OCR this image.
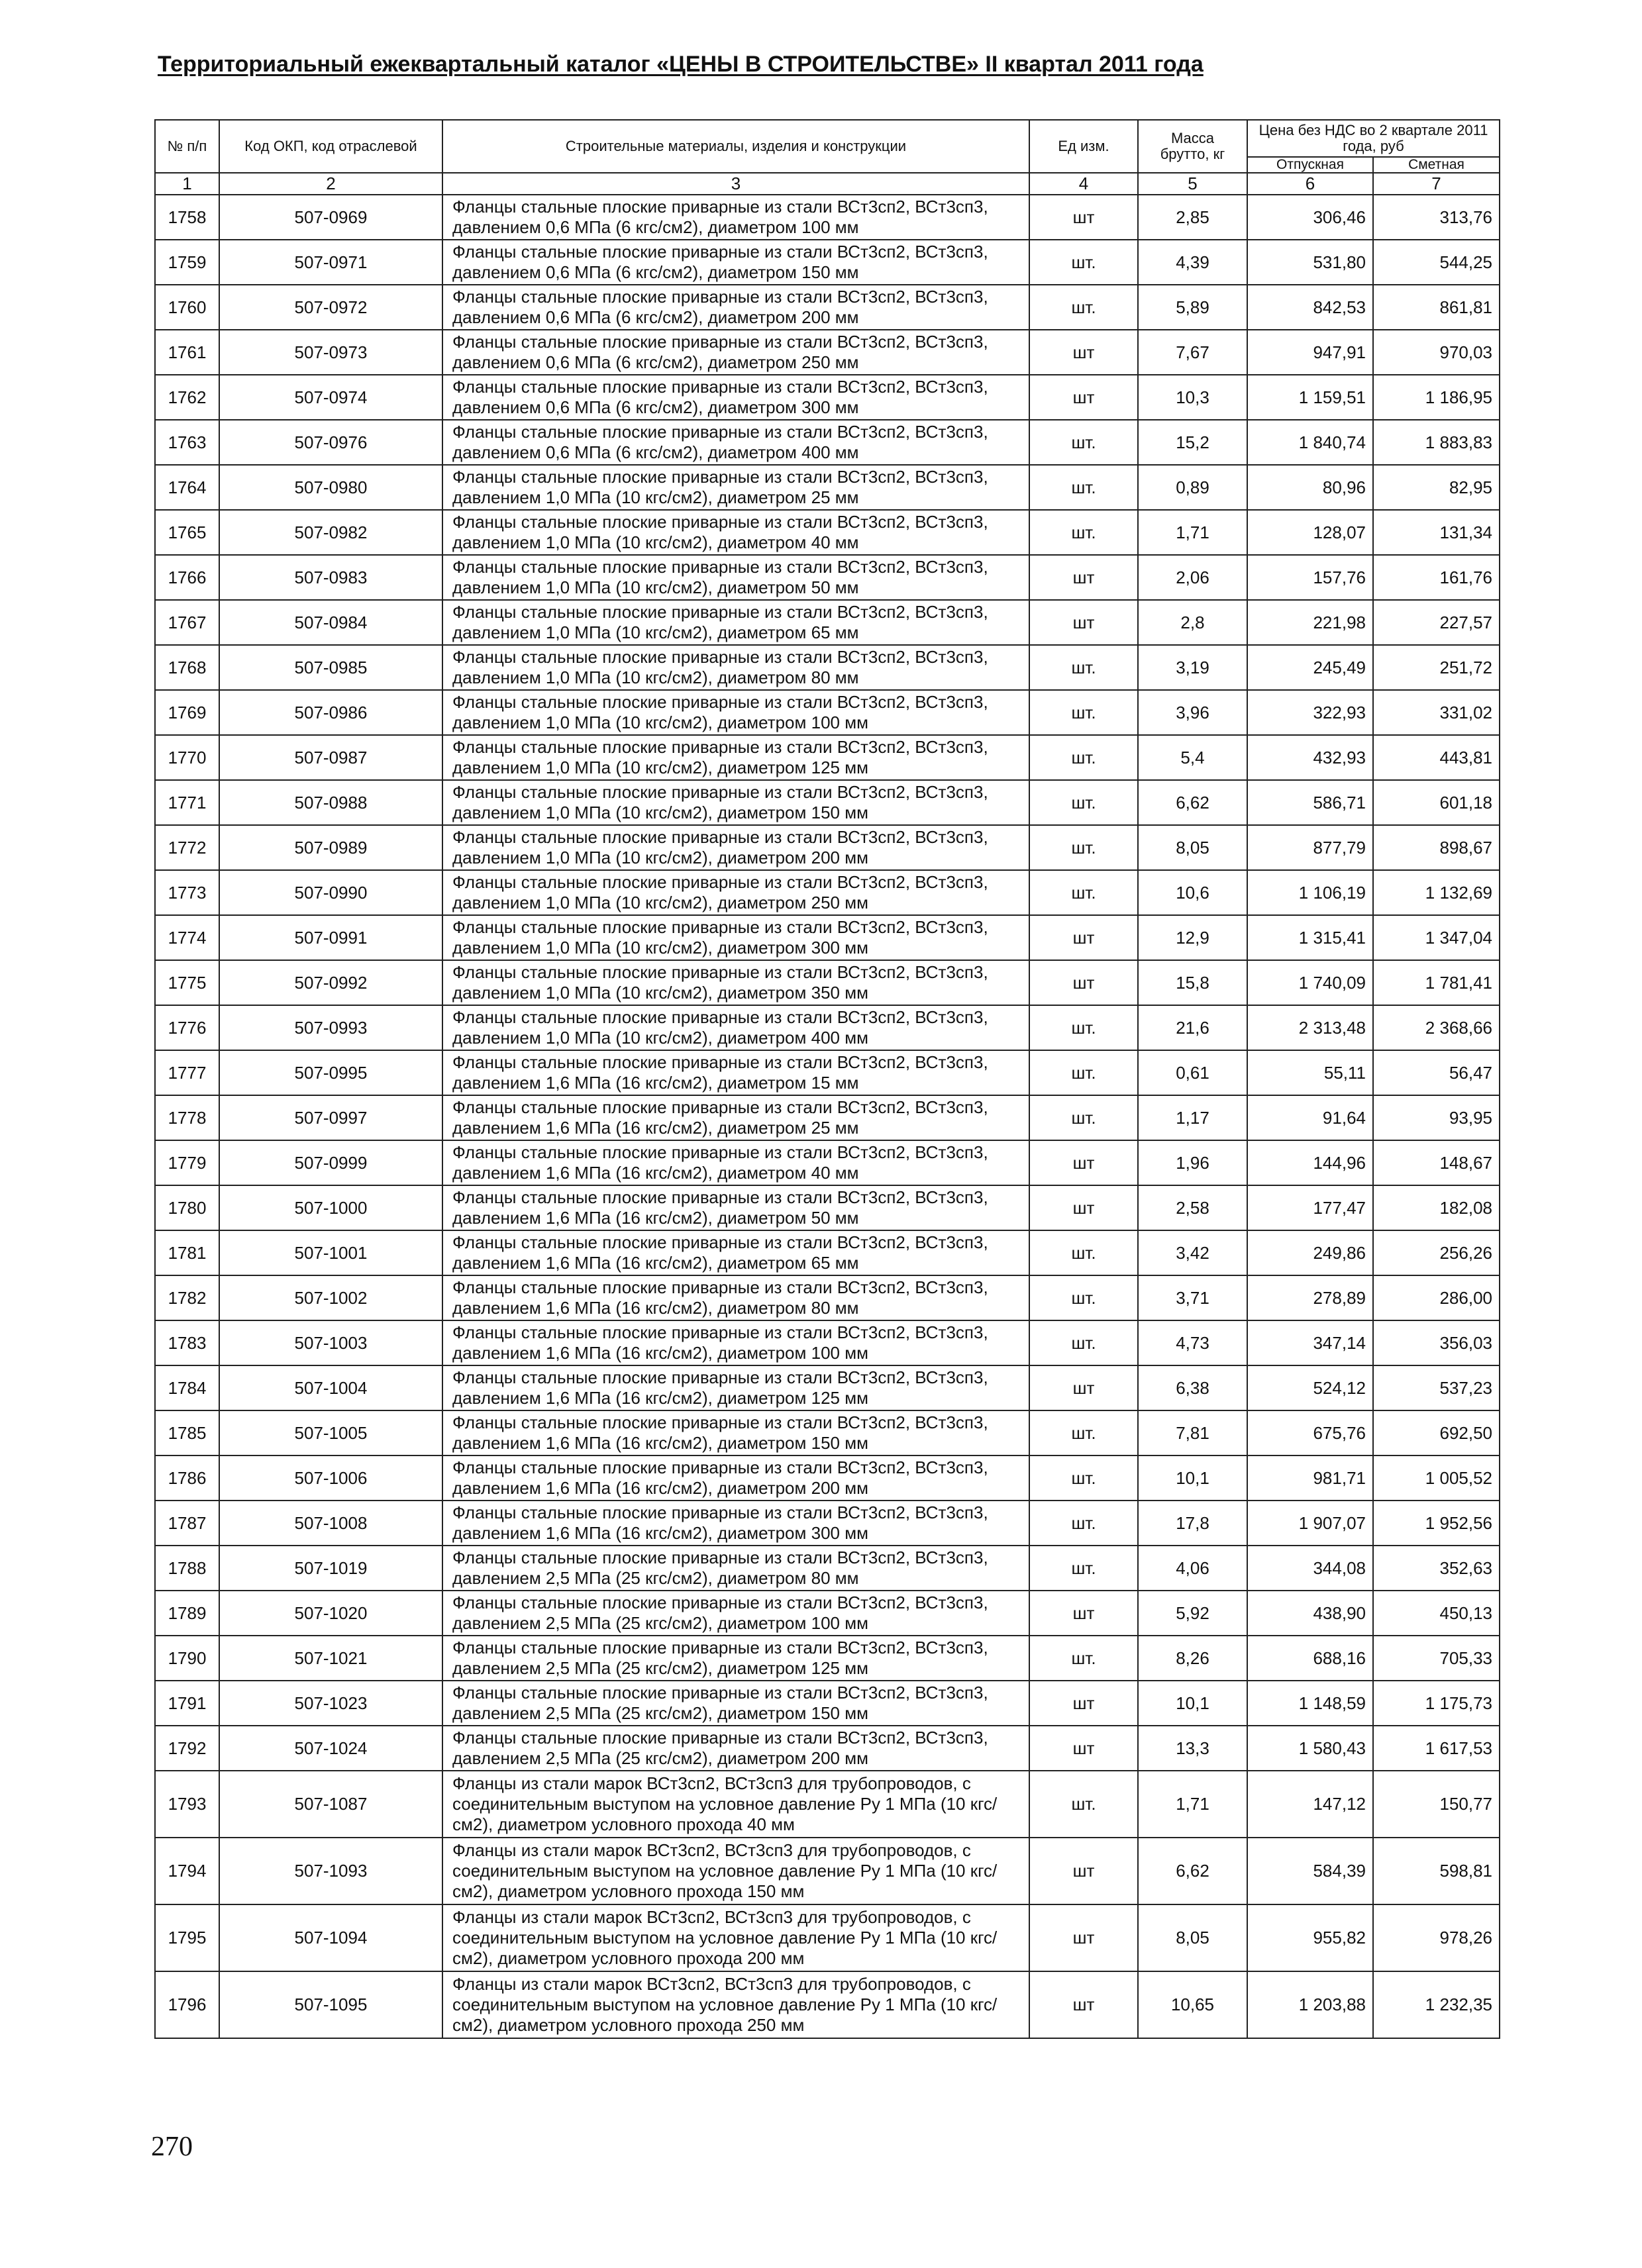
Территориальный ежеквартальный каталог «ЦЕНЫ В СТРОИТЕЛЬСТВЕ» II квартал 2011 года
№ п/п	Код ОКП, код отраслевой	Строительные материалы, изделия и конструкции	Ед изм.	Масса брутто, кг	Цена без НДС во 2 квартале 2011 года, руб	
					Отпускная	Сметная
1	2	3	4	5	6	7
1758	507-0969	Фланцы стальные плоские приварные из стали ВСт3сп2, ВСт3сп3, давлением 0,6 МПа (6 кгс/см2), диаметром 100 мм	шт	2,85	306,46	313,76
1759	507-0971	Фланцы стальные плоские приварные из стали ВСт3сп2, ВСт3сп3, давлением 0,6 МПа (6 кгс/см2), диаметром 150 мм	шт.	4,39	531,80	544,25
1760	507-0972	Фланцы стальные плоские приварные из стали ВСт3сп2, ВСт3сп3, давлением 0,6 МПа (6 кгс/см2), диаметром 200 мм	шт.	5,89	842,53	861,81
1761	507-0973	Фланцы стальные плоские приварные из стали ВСт3сп2, ВСт3сп3, давлением 0,6 МПа (6 кгс/см2), диаметром 250 мм	шт	7,67	947,91	970,03
1762	507-0974	Фланцы стальные плоские приварные из стали ВСт3сп2, ВСт3сп3, давлением 0,6 МПа (6 кгс/см2), диаметром 300 мм	шт	10,3	1 159,51	1 186,95
1763	507-0976	Фланцы стальные плоские приварные из стали ВСт3сп2, ВСт3сп3, давлением 0,6 МПа (6 кгс/см2), диаметром 400 мм	шт.	15,2	1 840,74	1 883,83
1764	507-0980	Фланцы стальные плоские приварные из стали ВСт3сп2, ВСт3сп3, давлением 1,0 МПа (10 кгс/см2), диаметром 25 мм	шт.	0,89	80,96	82,95
1765	507-0982	Фланцы стальные плоские приварные из стали ВСт3сп2, ВСт3сп3, давлением 1,0 МПа (10 кгс/см2), диаметром 40 мм	шт.	1,71	128,07	131,34
1766	507-0983	Фланцы стальные плоские приварные из стали ВСт3сп2, ВСт3сп3, давлением 1,0 МПа (10 кгс/см2), диаметром 50 мм	шт	2,06	157,76	161,76
1767	507-0984	Фланцы стальные плоские приварные из стали ВСт3сп2, ВСт3сп3, давлением 1,0 МПа (10 кгс/см2), диаметром 65 мм	шт	2,8	221,98	227,57
1768	507-0985	Фланцы стальные плоские приварные из стали ВСт3сп2, ВСт3сп3, давлением 1,0 МПа (10 кгс/см2), диаметром 80 мм	шт.	3,19	245,49	251,72
1769	507-0986	Фланцы стальные плоские приварные из стали ВСт3сп2, ВСт3сп3, давлением 1,0 МПа (10 кгс/см2), диаметром 100 мм	шт.	3,96	322,93	331,02
1770	507-0987	Фланцы стальные плоские приварные из стали ВСт3сп2, ВСт3сп3, давлением 1,0 МПа (10 кгс/см2), диаметром 125 мм	шт.	5,4	432,93	443,81
1771	507-0988	Фланцы стальные плоские приварные из стали ВСт3сп2, ВСт3сп3, давлением 1,0 МПа (10 кгс/см2), диаметром 150 мм	шт.	6,62	586,71	601,18
1772	507-0989	Фланцы стальные плоские приварные из стали ВСт3сп2, ВСт3сп3, давлением 1,0 МПа (10 кгс/см2), диаметром 200 мм	шт.	8,05	877,79	898,67
1773	507-0990	Фланцы стальные плоские приварные из стали ВСт3сп2, ВСт3сп3, давлением 1,0 МПа (10 кгс/см2), диаметром 250 мм	шт.	10,6	1 106,19	1 132,69
1774	507-0991	Фланцы стальные плоские приварные из стали ВСт3сп2, ВСт3сп3, давлением 1,0 МПа (10 кгс/см2), диаметром 300 мм	шт	12,9	1 315,41	1 347,04
1775	507-0992	Фланцы стальные плоские приварные из стали ВСт3сп2, ВСт3сп3, давлением 1,0 МПа (10 кгс/см2), диаметром 350 мм	шт	15,8	1 740,09	1 781,41
1776	507-0993	Фланцы стальные плоские приварные из стали ВСт3сп2, ВСт3сп3, давлением 1,0 МПа (10 кгс/см2), диаметром 400 мм	шт.	21,6	2 313,48	2 368,66
1777	507-0995	Фланцы стальные плоские приварные из стали ВСт3сп2, ВСт3сп3, давлением 1,6 МПа (16 кгс/см2), диаметром 15 мм	шт.	0,61	55,11	56,47
1778	507-0997	Фланцы стальные плоские приварные из стали ВСт3сп2, ВСт3сп3, давлением 1,6 МПа (16 кгс/см2), диаметром 25 мм	шт.	1,17	91,64	93,95
1779	507-0999	Фланцы стальные плоские приварные из стали ВСт3сп2, ВСт3сп3, давлением 1,6 МПа (16 кгс/см2), диаметром 40 мм	шт	1,96	144,96	148,67
1780	507-1000	Фланцы стальные плоские приварные из стали ВСт3сп2, ВСт3сп3, давлением 1,6 МПа (16 кгс/см2), диаметром 50 мм	шт	2,58	177,47	182,08
1781	507-1001	Фланцы стальные плоские приварные из стали ВСт3сп2, ВСт3сп3, давлением 1,6 МПа (16 кгс/см2), диаметром 65 мм	шт.	3,42	249,86	256,26
1782	507-1002	Фланцы стальные плоские приварные из стали ВСт3сп2, ВСт3сп3, давлением 1,6 МПа (16 кгс/см2), диаметром 80 мм	шт.	3,71	278,89	286,00
1783	507-1003	Фланцы стальные плоские приварные из стали ВСт3сп2, ВСт3сп3, давлением 1,6 МПа (16 кгс/см2), диаметром 100 мм	шт.	4,73	347,14	356,03
1784	507-1004	Фланцы стальные плоские приварные из стали ВСт3сп2, ВСт3сп3, давлением 1,6 МПа (16 кгс/см2), диаметром 125 мм	шт	6,38	524,12	537,23
1785	507-1005	Фланцы стальные плоские приварные из стали ВСт3сп2, ВСт3сп3, давлением 1,6 МПа (16 кгс/см2), диаметром 150 мм	шт.	7,81	675,76	692,50
1786	507-1006	Фланцы стальные плоские приварные из стали ВСт3сп2, ВСт3сп3, давлением 1,6 МПа (16 кгс/см2), диаметром 200 мм	шт.	10,1	981,71	1 005,52
1787	507-1008	Фланцы стальные плоские приварные из стали ВСт3сп2, ВСт3сп3, давлением 1,6 МПа (16 кгс/см2), диаметром 300 мм	шт.	17,8	1 907,07	1 952,56
1788	507-1019	Фланцы стальные плоские приварные из стали ВСт3сп2, ВСт3сп3, давлением 2,5 МПа (25 кгс/см2), диаметром 80 мм	шт.	4,06	344,08	352,63
1789	507-1020	Фланцы стальные плоские приварные из стали ВСт3сп2, ВСт3сп3, давлением 2,5 МПа (25 кгс/см2), диаметром 100 мм	шт	5,92	438,90	450,13
1790	507-1021	Фланцы стальные плоские приварные из стали ВСт3сп2, ВСт3сп3, давлением 2,5 МПа (25 кгс/см2), диаметром 125 мм	шт.	8,26	688,16	705,33
1791	507-1023	Фланцы стальные плоские приварные из стали ВСт3сп2, ВСт3сп3, давлением 2,5 МПа (25 кгс/см2), диаметром 150 мм	шт	10,1	1 148,59	1 175,73
1792	507-1024	Фланцы стальные плоские приварные из стали ВСт3сп2, ВСт3сп3, давлением 2,5 МПа (25 кгс/см2), диаметром 200 мм	шт	13,3	1 580,43	1 617,53
1793	507-1087	Фланцы из стали марок ВСт3сп2, ВСт3сп3 для трубопроводов, с соединительным выступом на условное давление Ру 1 МПа (10 кгс/см2), диаметром условного прохода 40 мм	шт.	1,71	147,12	150,77
1794	507-1093	Фланцы из стали марок ВСт3сп2, ВСт3сп3 для трубопроводов, с соединительным выступом на условное давление Ру 1 МПа (10 кгс/см2), диаметром условного прохода 150 мм	шт	6,62	584,39	598,81
1795	507-1094	Фланцы из стали марок ВСт3сп2, ВСт3сп3 для трубопроводов, с соединительным выступом на условное давление Ру 1 МПа (10 кгс/см2), диаметром условного прохода 200 мм	шт	8,05	955,82	978,26
1796	507-1095	Фланцы из стали марок ВСт3сп2, ВСт3сп3 для трубопроводов, с соединительным выступом на условное давление Ру 1 МПа (10 кгс/см2), диаметром условного прохода 250 мм	шт	10,65	1 203,88	1 232,35
270
